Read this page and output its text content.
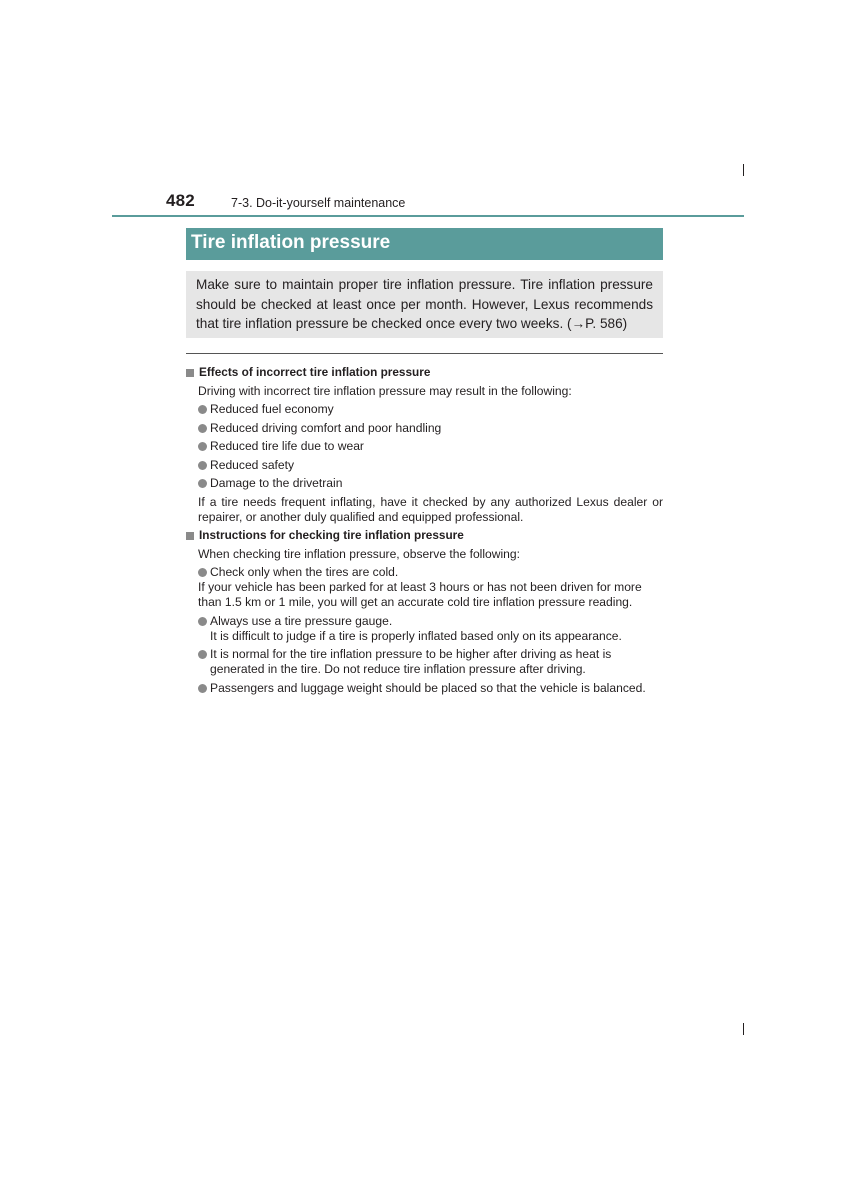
482	7-3. Do-it-yourself maintenance
Tire inflation pressure
Make sure to maintain proper tire inflation pressure. Tire inflation pressure should be checked at least once per month. However, Lexus recommends that tire inflation pressure be checked once every two weeks. (→P. 586)
Effects of incorrect tire inflation pressure
Driving with incorrect tire inflation pressure may result in the following:
Reduced fuel economy
Reduced driving comfort and poor handling
Reduced tire life due to wear
Reduced safety
Damage to the drivetrain
If a tire needs frequent inflating, have it checked by any authorized Lexus dealer or repairer, or another duly qualified and equipped professional.
Instructions for checking tire inflation pressure
When checking tire inflation pressure, observe the following:
Check only when the tires are cold.
If your vehicle has been parked for at least 3 hours or has not been driven for more than 1.5 km or 1 mile, you will get an accurate cold tire inflation pressure reading.
Always use a tire pressure gauge.
It is difficult to judge if a tire is properly inflated based only on its appearance.
It is normal for the tire inflation pressure to be higher after driving as heat is generated in the tire. Do not reduce tire inflation pressure after driving.
Passengers and luggage weight should be placed so that the vehicle is balanced.
